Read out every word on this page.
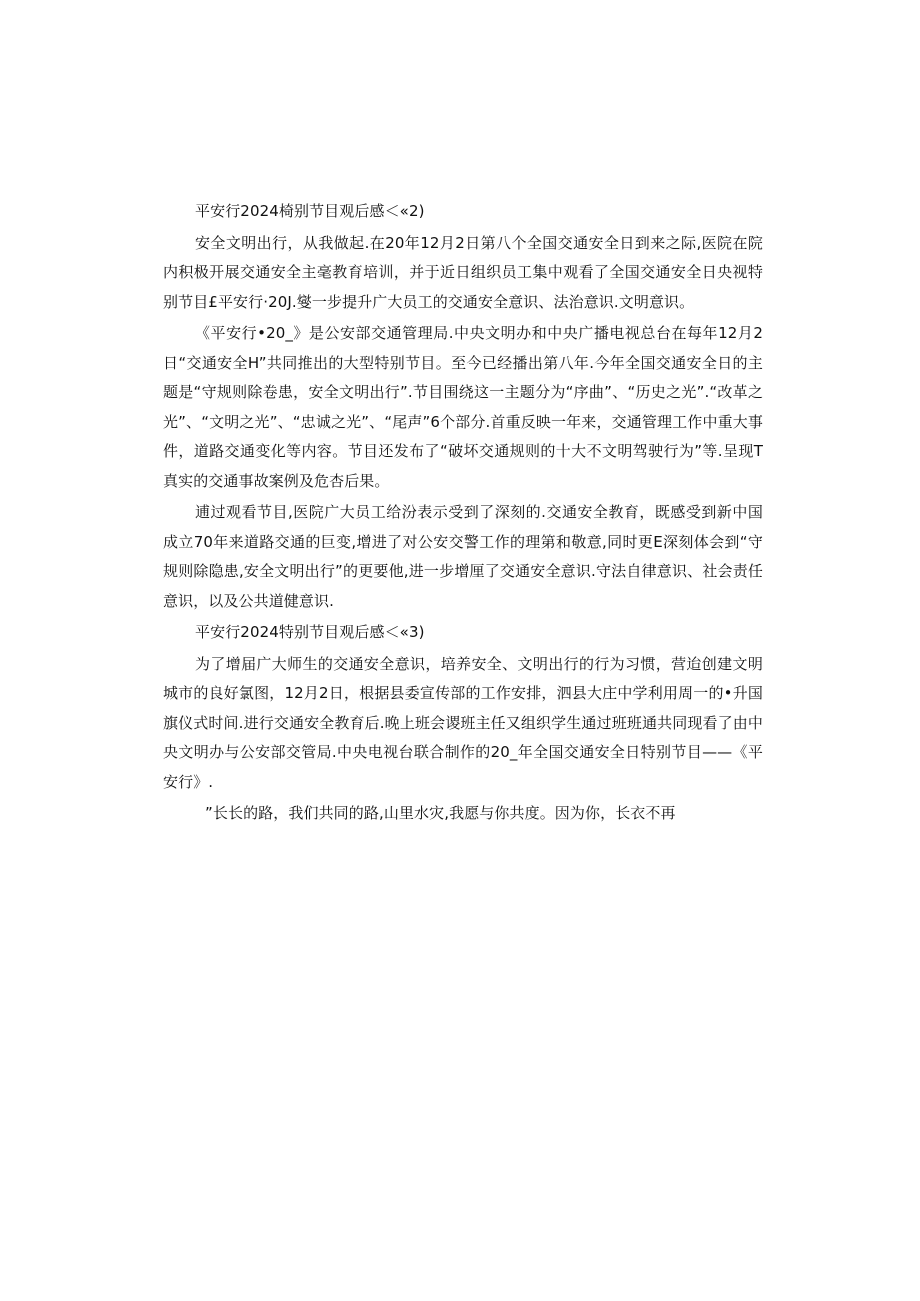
平安行2024椅别节目观后感＜«2)

安全文明出行，从我做起.在20年12月2日第八个全国交通安全日到来之际,医院在院内积极开展交通安全主毫教育培训，并于近日组织员工集中观看了全国交通安全日央视特别节目£平安行·20J.燮一步提升广大员工的交通安全意识、法治意识.文明意识。

《平安行•20_》是公安部交通管理局.中央文明办和中央广播电视总台在每年12月2日“交通安全H”共同推出的大型特别节目。至今已经播出第八年.今年全国交通安全日的主题是“守规则除卷患，安全文明出行”.节目围绕这一主题分为“序曲”、“历史之光”.“改革之光”、“文明之光”、“忠诚之光”、“尾声”6个部分.首重反映一年来，交通管理工作中重大事件，道路交通变化等内容。节目还发布了“破坏交通规则的十大不文明驾驶行为”等.呈现T真实的交通事故案例及危杏后果。

逋过观看节目,医院广大员工给汾表示受到了深刻的.交通安全教育，既感受到新中国成立70年来道路交通的巨变,增进了对公安交警工作的理第和敬意,同时更E深刻体会到“守规则除隐患,安全文明出行”的更要他,进一步增厘了交通安全意识.守法自律意识、社会责任意识，以及公共道健意识.

平安行2024特别节目观后感＜«3)

为了增届广大师生的交通安全意识，培养安全、文明出行的行为习惯，营迨创建文明城市的良好氯图，12月2日，根据县委宣传部的工作安排，泗县大庄中学利用周一的•升国旗仪式时间.进行交通安全教育后.晚上班会谡班主任又组织学生通过班班通共同现看了由中央文明办与公安部交管局.中央电视台联合制作的20_年全国交通安全日特别节目——《平安行》.

”长长的路，我们共同的路,山里水灾,我愿与你共度。因为你，长衣不再
